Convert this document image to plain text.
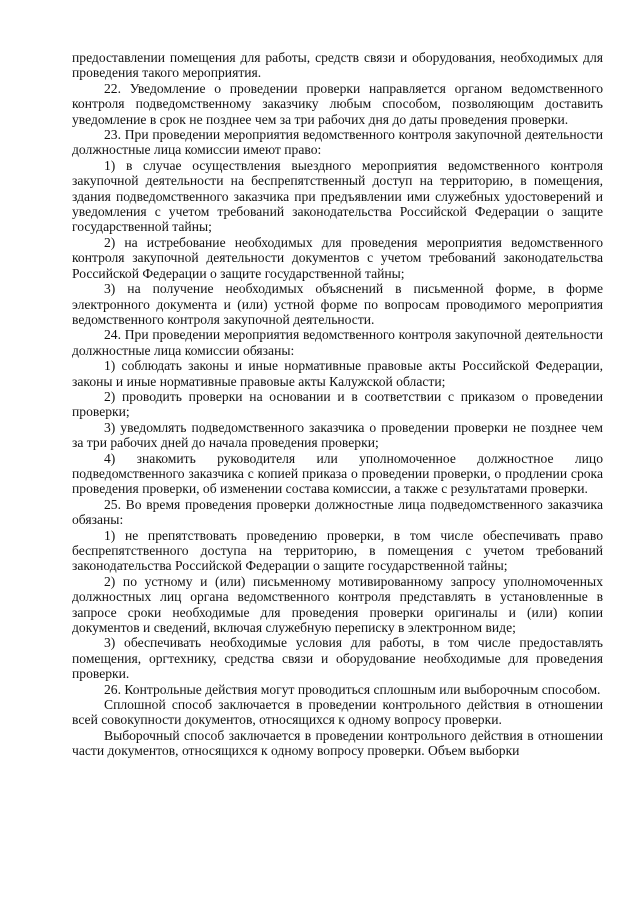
предоставлении помещения для работы, средств связи и оборудования, необходимых для проведения такого мероприятия.

22. Уведомление о проведении проверки направляется органом ведомственного контроля подведомственному заказчику любым способом, позволяющим доставить уведомление в срок не позднее чем за три рабочих дня до даты проведения проверки.

23. При проведении мероприятия ведомственного контроля закупочной деятельности должностные лица комиссии имеют право:

1) в случае осуществления выездного мероприятия ведомственного контроля закупочной деятельности на беспрепятственный доступ на территорию, в помещения, здания подведомственного заказчика при предъявлении ими служебных удостоверений и уведомления с учетом требований законодательства Российской Федерации о защите государственной тайны;

2) на истребование необходимых для проведения мероприятия ведомственного контроля закупочной деятельности документов с учетом требований законодательства Российской Федерации о защите государственной тайны;

3) на получение необходимых объяснений в письменной форме, в форме электронного документа и (или) устной форме по вопросам проводимого мероприятия ведомственного контроля закупочной деятельности.

24. При проведении мероприятия ведомственного контроля закупочной деятельности должностные лица комиссии обязаны:

1) соблюдать законы и иные нормативные правовые акты Российской Федерации, законы и иные нормативные правовые акты Калужской области;

2) проводить проверки на основании и в соответствии с приказом о проведении проверки;

3) уведомлять подведомственного заказчика о проведении проверки не позднее чем за три рабочих дней до начала проведения проверки;

4) знакомить руководителя или уполномоченное должностное лицо подведомственного заказчика с копией приказа о проведении проверки, о продлении срока проведения проверки, об изменении состава комиссии, а также с результатами проверки.

25. Во время проведения проверки должностные лица подведомственного заказчика обязаны:

1) не препятствовать проведению проверки, в том числе обеспечивать право беспрепятственного доступа на территорию, в помещения с учетом требований законодательства Российской Федерации о защите государственной тайны;

2) по устному и (или) письменному мотивированному запросу уполномоченных должностных лиц органа ведомственного контроля представлять в установленные в запросе сроки необходимые для проведения проверки оригиналы и (или) копии документов и сведений, включая служебную переписку в электронном виде;

3) обеспечивать необходимые условия для работы, в том числе предоставлять помещения, оргтехнику, средства связи и оборудование необходимые для проведения проверки.

26. Контрольные действия могут проводиться сплошным или выборочным способом.

Сплошной способ заключается в проведении контрольного действия в отношении всей совокупности документов, относящихся к одному вопросу проверки.

Выборочный способ заключается в проведении контрольного действия в отношении части документов, относящихся к одному вопросу проверки. Объем выборки
